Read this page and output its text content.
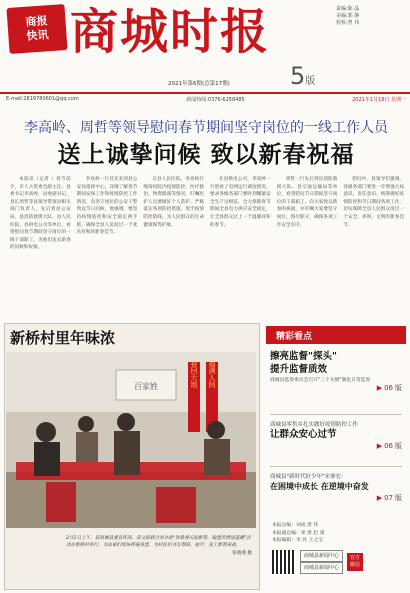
商报
快讯 商城时报
2021年第6期(总第17期)	5版
责编:陈 晶
美编:郭 静
校检:曾 伟
E-mail:2819780601@qq.com	新闻热线:0376-6258485	2021年1月18日 星期一
李高岭、周哲等领导慰问春节期间坚守岗位的一线工作人员
送上诚挚问候 致以新春祝福
本报讯（记者 ）春节前夕，市人大常委会副主任、县委书记李高岭，县委副书记、县长周哲等县领导带领县相关部门负责人，先后到县公安局、县消防救援大队、县人民医院、县供电公司等单位，看望慰问春节期间坚守岗位的一线干部职工，为他们送去新春的问候和祝福。
李高岭一行首先来到县公安局指挥中心，详细了解春节期间安保工作和疫情防控工作情况，向坚守岗位的公安干警致以节日问候。他强调，要坚持疫情防控和安全稳定两手抓，确保全县人民度过一个欢乐祥和的新春佳节。
在县人民医院，李高岭仔细询问院内疫情防控、医疗救治、物资储备等情况，叮嘱医护人员要做好个人防护，严格落实各项防控措施，筑牢疫情防控防线，为人民群众的生命健康保驾护航。
在县供电公司，李高岭一行察看了电网运行调度情况，要求各级各部门要时刻绷紧安全生产这根弦，全力保障春节期间全县电力供应安全稳定，让全县群众过上一个温暖祥和的春节。
周哲一行先后到县消防救援大队、县交通运输局等单位，看望慰问节日期间坚守岗位的干部职工，向大家致以新春的祝福，并叮嘱大家要坚守岗位，恪尽职守，确保各项工作安全有序。
慰问中，县领导们强调，各级各部门要进一步增强大局意识、责任意识，统筹做好疫情防控和节日期间各项工作，切实保障全县人民群众度过一个安全、祥和、文明的新春佳节。
新桥村里年味浓
百家姓	春回大地 福满人间
2月1日上午，县商城县委宣传部、县文联联合举办的"欢歌喜庆迎新春，翰墨传情送温暖"活动在新桥村举行，书法家们现场挥毫泼墨，为村民们书写春联、福字，送上新春祝福。
张晓燕 摄
精彩看点
擦亮监督"探头"
提升监督质效
商城县监察委员会召开"三个关键"强化日常监督
▶ 06 版
商城县零售乡扎实做好疫情防控工作
让群众安心过节
▶ 06 版
商城县"新时代好少年"宋睿宏：
在困境中成长 在逆境中奋发
▶ 07 版
本报总编：刘成 唐 伟
本报副总编：辜 唐 赵 康
本报编辑：李 亮 王之宝
商城县新闻中心
商城县新闻中心
官方微信
